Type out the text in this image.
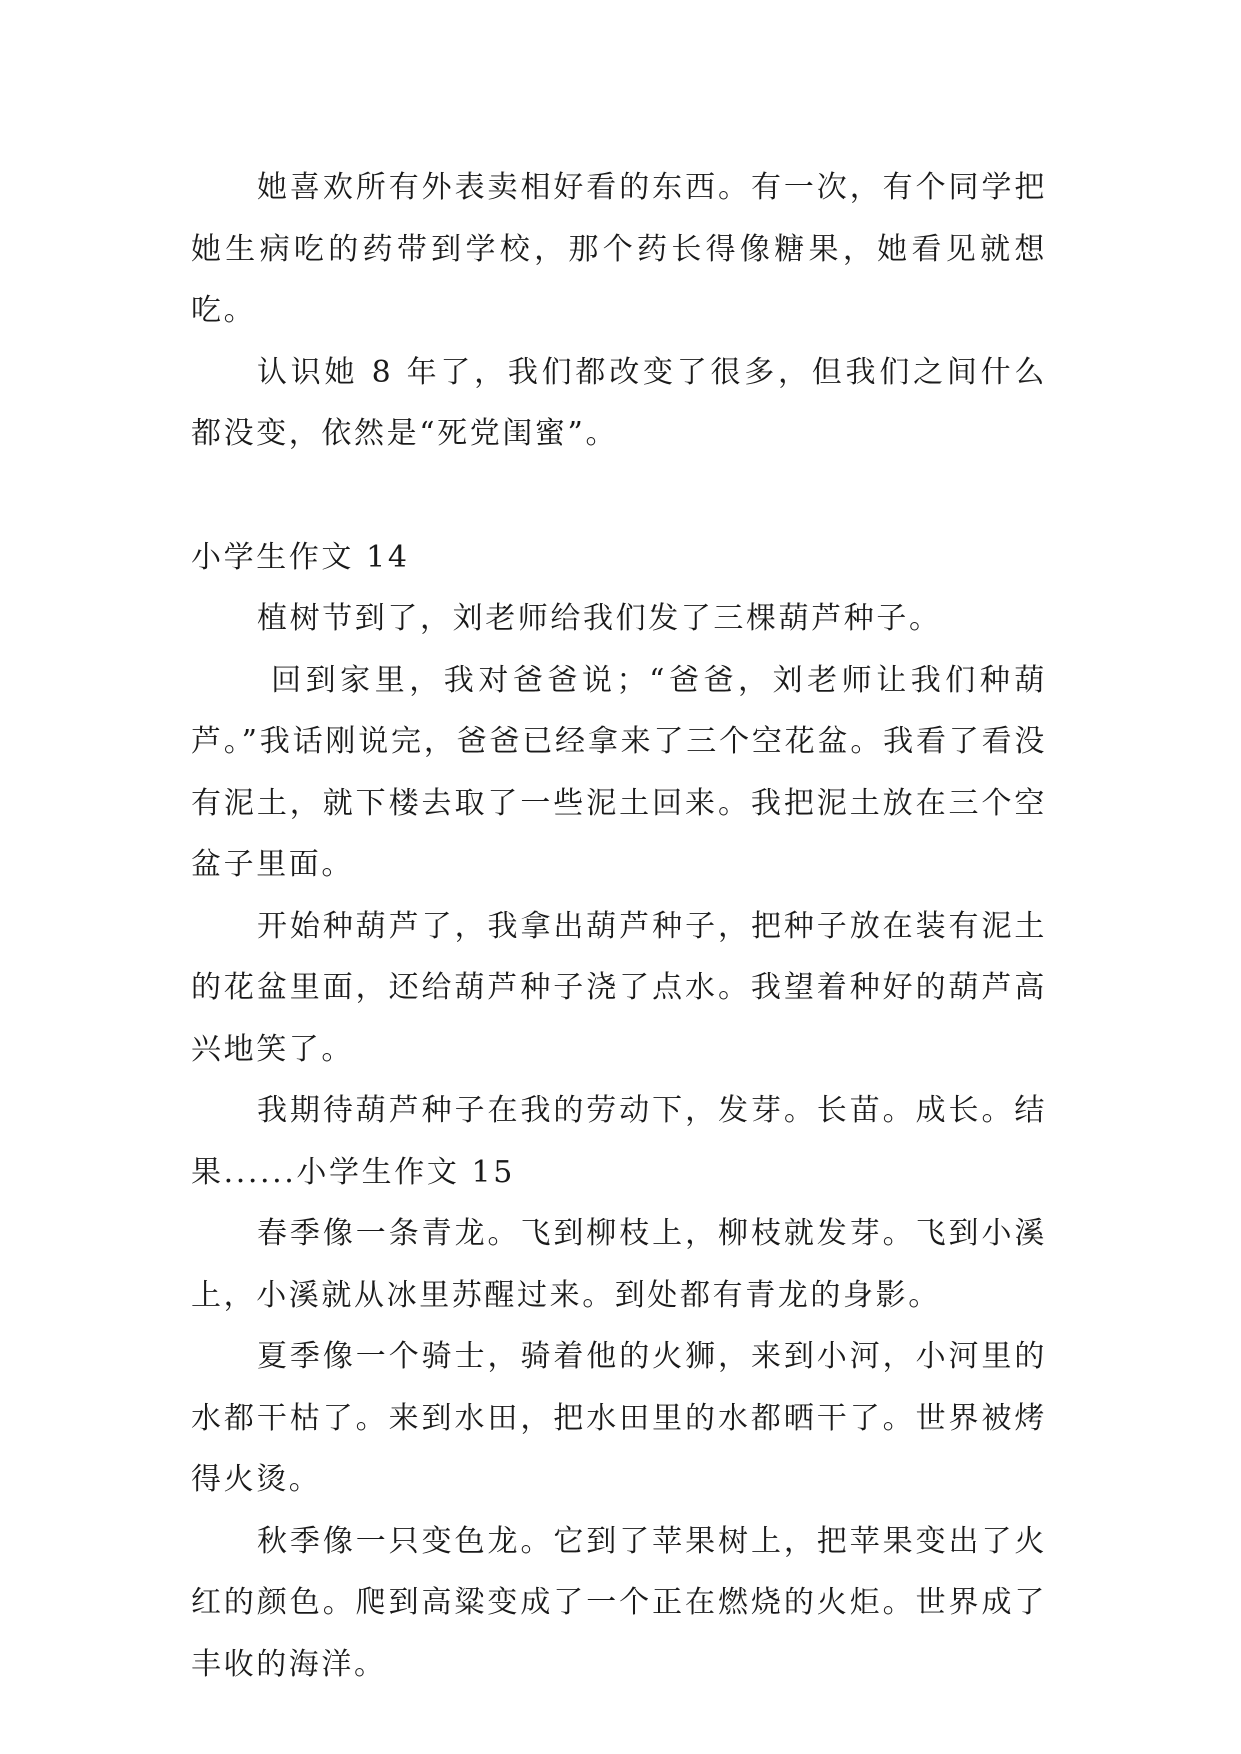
她喜欢所有外表卖相好看的东西。有一次，有个同学把她生病吃的药带到学校，那个药长得像糖果，她看见就想吃。

认识她 8 年了，我们都改变了很多，但我们之间什么都没变，依然是“死党闺蜜”。

小学生作文 14

植树节到了，刘老师给我们发了三棵葫芦种子。

回到家里，我对爸爸说；“爸爸，刘老师让我们种葫芦。”我话刚说完，爸爸已经拿来了三个空花盆。我看了看没有泥土，就下楼去取了一些泥土回来。我把泥土放在三个空盆子里面。

开始种葫芦了，我拿出葫芦种子，把种子放在装有泥土的花盆里面，还给葫芦种子浇了点水。我望着种好的葫芦高兴地笑了。

我期待葫芦种子在我的劳动下，发芽。长苗。成长。结果......小学生作文 15

春季像一条青龙。飞到柳枝上，柳枝就发芽。飞到小溪上，小溪就从冰里苏醒过来。到处都有青龙的身影。

夏季像一个骑士，骑着他的火狮，来到小河，小河里的水都干枯了。来到水田，把水田里的水都晒干了。世界被烤得火烫。

秋季像一只变色龙。它到了苹果树上，把苹果变出了火红的颜色。爬到高粱变成了一个正在燃烧的火炬。世界成了丰收的海洋。
